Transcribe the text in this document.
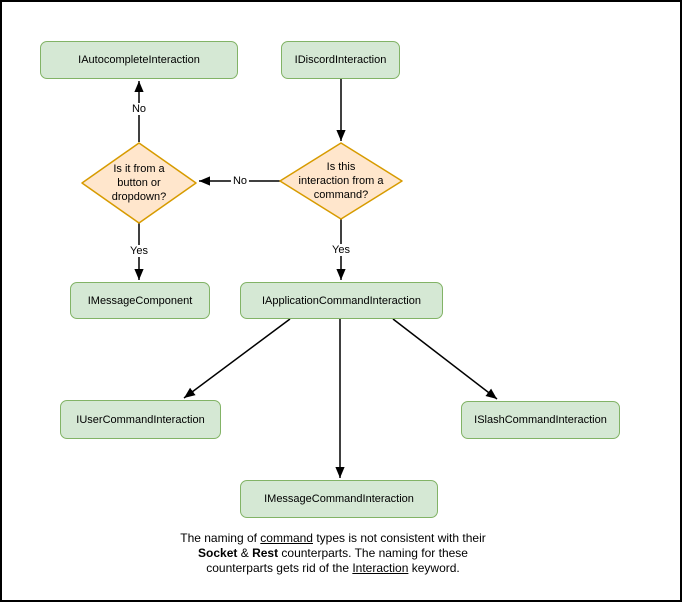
IAutocompleteInteraction	IDiscordInteraction
IMessageComponent	IApplicationCommandInteraction
IUserCommandInteraction	ISlashCommandInteraction
IMessageCommandInteraction
Is it from a
button or
dropdown?
Is this
interaction from a
command?
No
No
Yes	Yes
The naming of command types is not consistent with their
Socket & Rest counterparts. The naming for these
counterparts gets rid of the Interaction keyword.
